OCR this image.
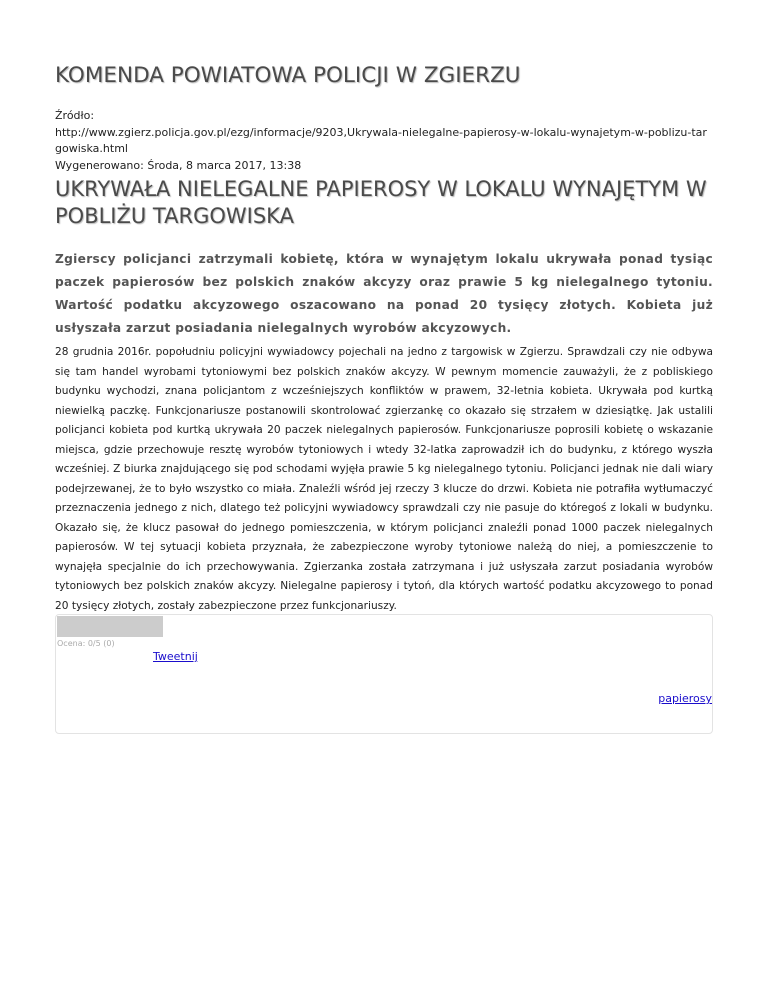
KOMENDA POWIATOWA POLICJI W ZGIERZU
Źródło:
http://www.zgierz.policja.gov.pl/ezg/informacje/9203,Ukrywala-nielegalne-papierosy-w-lokalu-wynajetym-w-poblizu-targowiska.html
Wygenerowano: Środa, 8 marca 2017, 13:38
UKRYWAŁA NIELEGALNE PAPIEROSY W LOKALU WYNAJĘTYM W POBLIŻU TARGOWISKA

Zgierscy policjanci zatrzymali kobietę, która w wynajętym lokalu ukrywała ponad tysiąc paczek papierosów bez polskich znaków akcyzy oraz prawie 5 kg nielegalnego tytoniu. Wartość podatku akcyzowego oszacowano na ponad 20 tysięcy złotych. Kobieta już usłyszała zarzut posiadania nielegalnych wyrobów akcyzowych.

28 grudnia 2016r. popołudniu policyjni wywiadowcy pojechali na jedno z targowisk w Zgierzu. Sprawdzali czy nie odbywa się tam handel wyrobami tytoniowymi bez polskich znaków akcyzy. W pewnym momencie zauważyli, że z pobliskiego budynku wychodzi, znana policjantom z wcześniejszych konfliktów w prawem, 32-letnia kobieta. Ukrywała pod kurtką niewielką paczkę. Funkcjonariusze postanowili skontrolować zgierzankę co okazało się strzałem w dziesiątkę. Jak ustalili policjanci kobieta pod kurtką ukrywała 20 paczek nielegalnych papierosów. Funkcjonariusze poprosili kobietę o wskazanie miejsca, gdzie przechowuje resztę wyrobów tytoniowych i wtedy 32-latka zaprowadził ich do budynku, z którego wyszła wcześniej. Z biurka znajdującego się pod schodami wyjęła prawie 5 kg nielegalnego tytoniu. Policjanci jednak nie dali wiary podejrzewanej, że to było wszystko co miała. Znaleźli wśród jej rzeczy 3 klucze do drzwi. Kobieta nie potrafiła wytłumaczyć przeznaczenia jednego z nich, dlatego też policyjni wywiadowcy sprawdzali czy nie pasuje do któregoś z lokali w budynku. Okazało się, że klucz pasował do jednego pomieszczenia, w którym policjanci znaleźli ponad 1000 paczek nielegalnych papierosów. W tej sytuacji kobieta przyznała, że zabezpieczone wyroby tytoniowe należą do niej, a pomieszczenie to wynajęła specjalnie do ich przechowywania. Zgierzanka została zatrzymana i już usłyszała zarzut posiadania wyrobów tytoniowych bez polskich znaków akcyzy. Nielegalne papierosy i tytoń, dla których wartość podatku akcyzowego to ponad 20 tysięcy złotych, zostały zabezpieczone przez funkcjonariuszy.

Ocena: 0/5 (0)
Tweetnij
papierosy
